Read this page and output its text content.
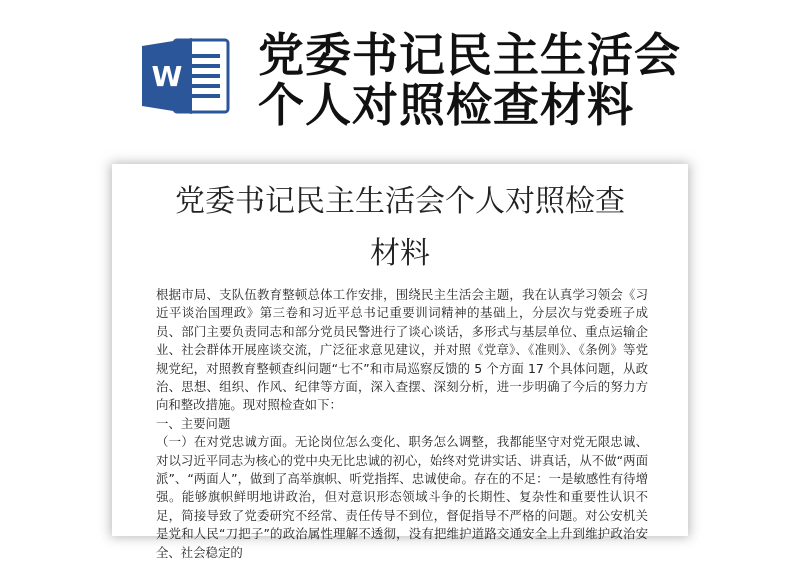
W 党委书记民主生活会
个人对照检查材料
党委书记民主生活会个人对照检查
材料

根据市局、支队伍教育整顿总体工作安排，围绕民主生活会主题，我在认真学习领会《习近平谈治国理政》第三卷和习近平总书记重要训词精神的基础上，分层次与党委班子成员、部门主要负责同志和部分党员民警进行了谈心谈话，多形式与基层单位、重点运输企业、社会群体开展座谈交流，广泛征求意见建议，并对照《党章》、《准则》、《条例》等党规党纪，对照教育整顿查纠问题“七不”和市局巡察反馈的 5 个方面 17 个具体问题，从政治、思想、组织、作风、纪律等方面，深入查摆、深刻分析，进一步明确了今后的努力方向和整改措施。现对照检查如下：

一、主要问题

（一）在对党忠诚方面。无论岗位怎么变化、职务怎么调整，我都能坚守对党无限忠诚、对以习近平同志为核心的党中央无比忠诚的初心，始终对党讲实话、讲真话，从不做“两面派”、“两面人”，做到了高举旗帜、听党指挥、忠诚使命。存在的不足：一是敏感性有待增强。能够旗帜鲜明地讲政治，但对意识形态领域斗争的长期性、复杂性和重要性认识不足，简接导致了党委研究不经常、责任传导不到位，督促指导不严格的问题。对公安机关是党和人民“刀把子”的政治属性理解不透彻，没有把维护道路交通安全上升到维护政治安全、社会稳定的
